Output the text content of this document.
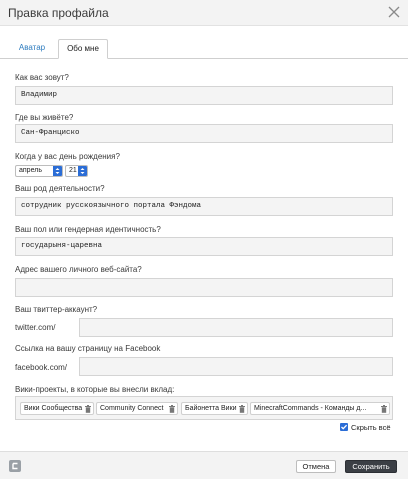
Правка профайла
Аватар	Обо мне
Как вас зовут?
Владимир
Где вы живёте?
Сан-Франциско
Когда у вас день рождения?
апрель	21
Ваш род деятельности?
сотрудник русскоязычного портала Фэндома
Ваш пол или гендерная идентичность?
государыня-царевна
Адрес вашего личного веб-сайта?
Ваш твиттер-аккаунт?
twitter.com/
Ссылка на вашу страницу на Facebook
facebook.com/
Вики-проекты, в которые вы внесли вклад:
Вики Сообщества	Community Connect	Байонетта Вики	MinecraftCommands - Команды д...
Скрыть всё
Отмена	Сохранить
